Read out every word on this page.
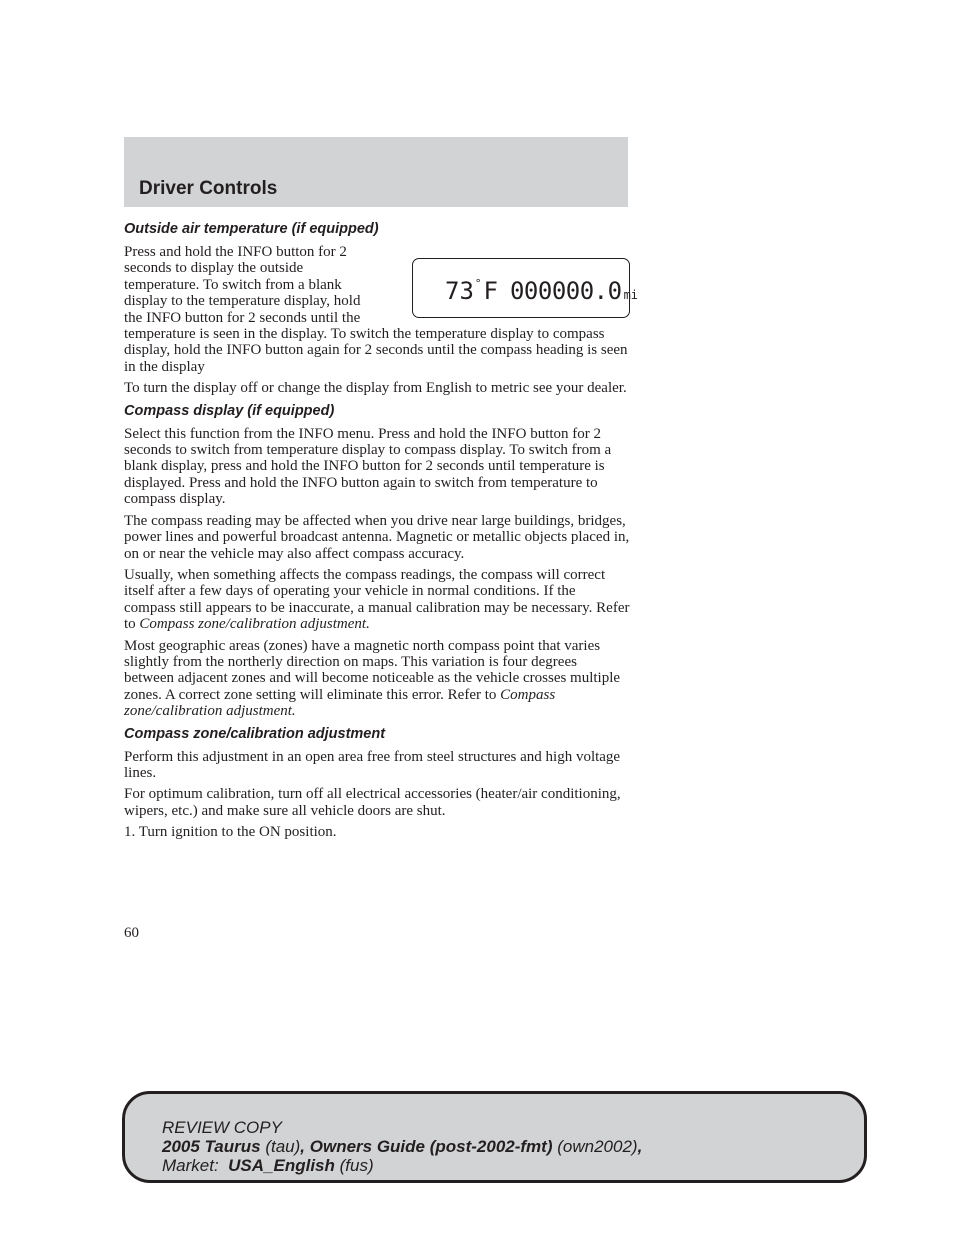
Driver Controls
Outside air temperature (if equipped)
73°F 000000.0 mi

Press and hold the INFO button for 2 seconds to display the outside temperature. To switch from a blank display to the temperature display, hold the INFO button for 2 seconds until the temperature is seen in the display. To switch the temperature display to compass display, hold the INFO button again for 2 seconds until the compass heading is seen in the display

To turn the display off or change the display from English to metric see your dealer.

Compass display (if equipped)

Select this function from the INFO menu. Press and hold the INFO button for 2 seconds to switch from temperature display to compass display. To switch from a blank display, press and hold the INFO button for 2 seconds until temperature is displayed. Press and hold the INFO button again to switch from temperature to compass display.

The compass reading may be affected when you drive near large buildings, bridges, power lines and powerful broadcast antenna. Magnetic or metallic objects placed in, on or near the vehicle may also affect compass accuracy.

Usually, when something affects the compass readings, the compass will correct itself after a few days of operating your vehicle in normal conditions. If the compass still appears to be inaccurate, a manual calibration may be necessary. Refer to Compass zone/calibration adjustment.

Most geographic areas (zones) have a magnetic north compass point that varies slightly from the northerly direction on maps. This variation is four degrees between adjacent zones and will become noticeable as the vehicle crosses multiple zones. A correct zone setting will eliminate this error. Refer to Compass zone/calibration adjustment.

Compass zone/calibration adjustment

Perform this adjustment in an open area free from steel structures and high voltage lines.

For optimum calibration, turn off all electrical accessories (heater/air conditioning, wipers, etc.) and make sure all vehicle doors are shut.

1. Turn ignition to the ON position.

60
REVIEW COPY
2005 Taurus (tau), Owners Guide (post-2002-fmt) (own2002),
Market: USA_English (fus)
